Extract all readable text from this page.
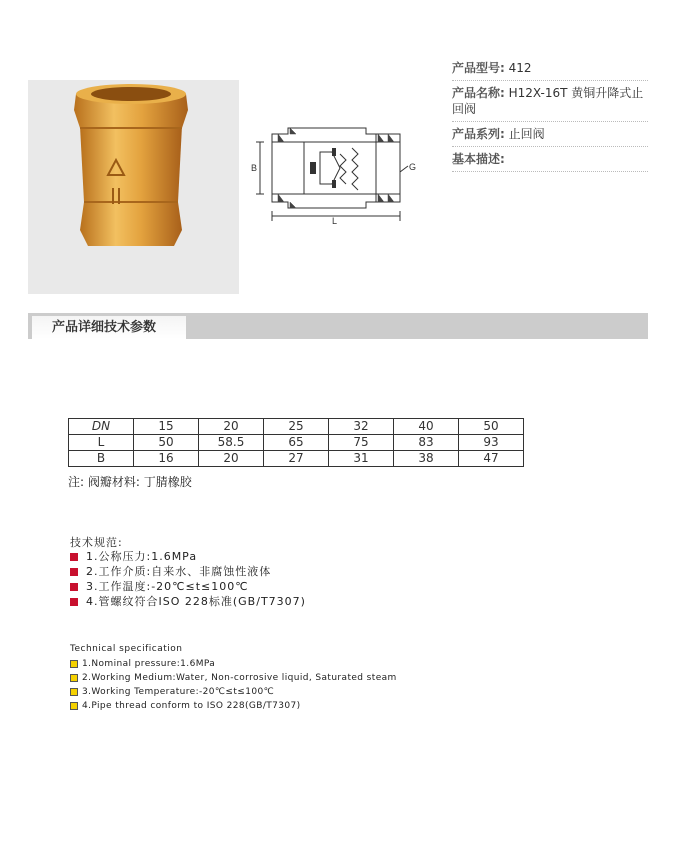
B	G
L
产品型号: 412
产品名称: H12X-16T 黄铜升降式止回阀
产品系列: 止回阀
基本描述:
产品详细技术参数
DN	15	20	25	32	40	50
L	50	58.5	65	75	83	93
B	16	20	27	31	38	47
注: 阀瓣材料: 丁腈橡胶
技术规范:
1.公称压力:1.6MPa
2.工作介质:自来水、非腐蚀性液体
3.工作温度:-20℃≤t≤100℃
4.管螺纹符合ISO 228标准(GB/T7307)
Technical specification
1.Nominal pressure:1.6MPa
2.Working Medium:Water, Non-corrosive liquid, Saturated steam
3.Working Temperature:-20℃≤t≤100℃
4.Pipe thread conform to ISO 228(GB/T7307)
